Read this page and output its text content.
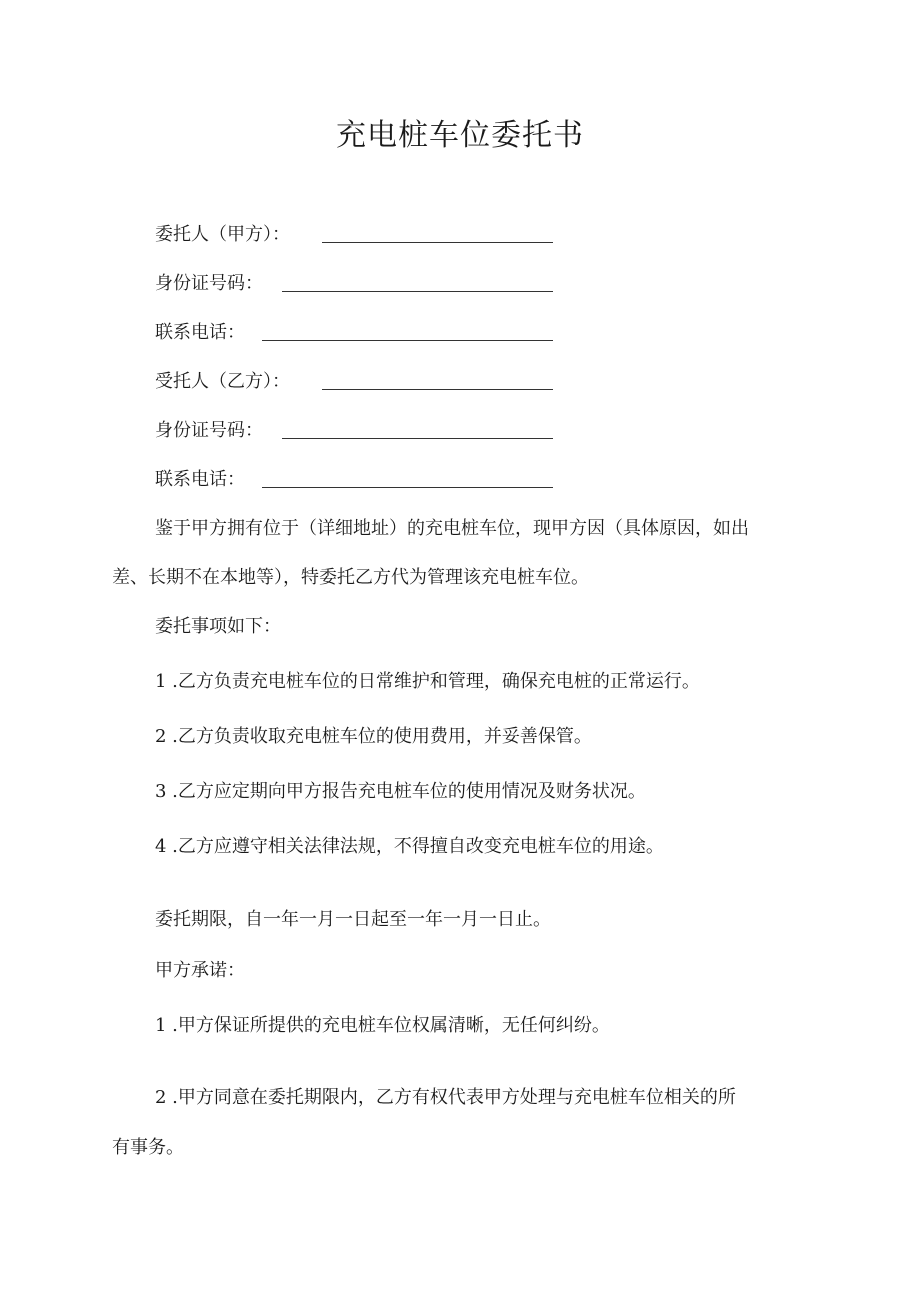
充电桩车位委托书
委托人（甲方）：
身份证号码：
联系电话：
受托人（乙方）：
身份证号码：
联系电话：
鉴于甲方拥有位于（详细地址）的充电桩车位，现甲方因（具体原因，如出
差、长期不在本地等），特委托乙方代为管理该充电桩车位。
委托事项如下：
1 .乙方负责充电桩车位的日常维护和管理，确保充电桩的正常运行。
2 .乙方负责收取充电桩车位的使用费用，并妥善保管。
3 .乙方应定期向甲方报告充电桩车位的使用情况及财务状况。
4 .乙方应遵守相关法律法规，不得擅自改变充电桩车位的用途。
委托期限，自一年一月一日起至一年一月一日止。
甲方承诺：
1 .甲方保证所提供的充电桩车位权属清晰，无任何纠纷。
2 .甲方同意在委托期限内，乙方有权代表甲方处理与充电桩车位相关的所
有事务。
